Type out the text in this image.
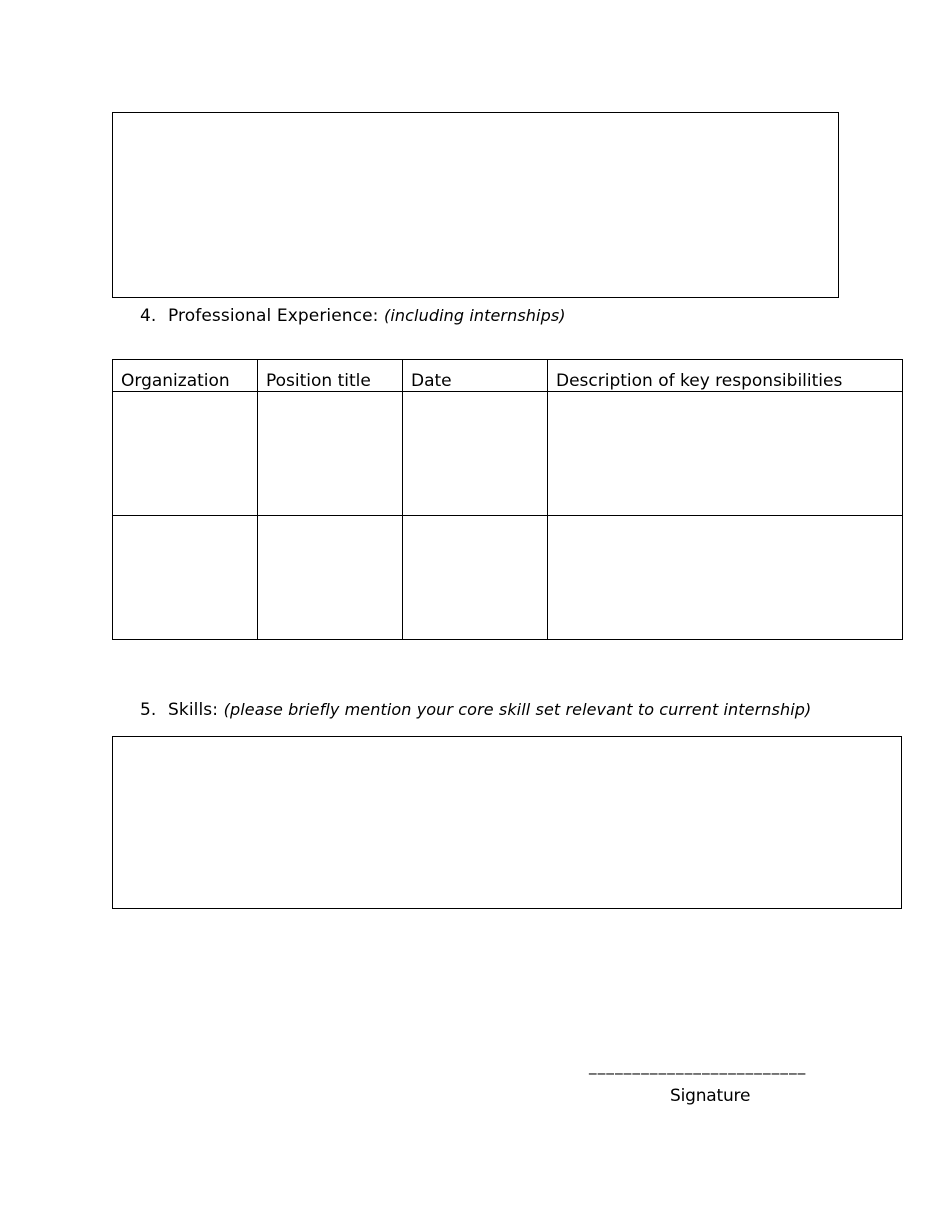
4. Professional Experience: (including internships)
Organization	Position title	Date	Description of key responsibilities

5. Skills: (please briefly mention your core skill set relevant to current internship)
_________________________
Signature
